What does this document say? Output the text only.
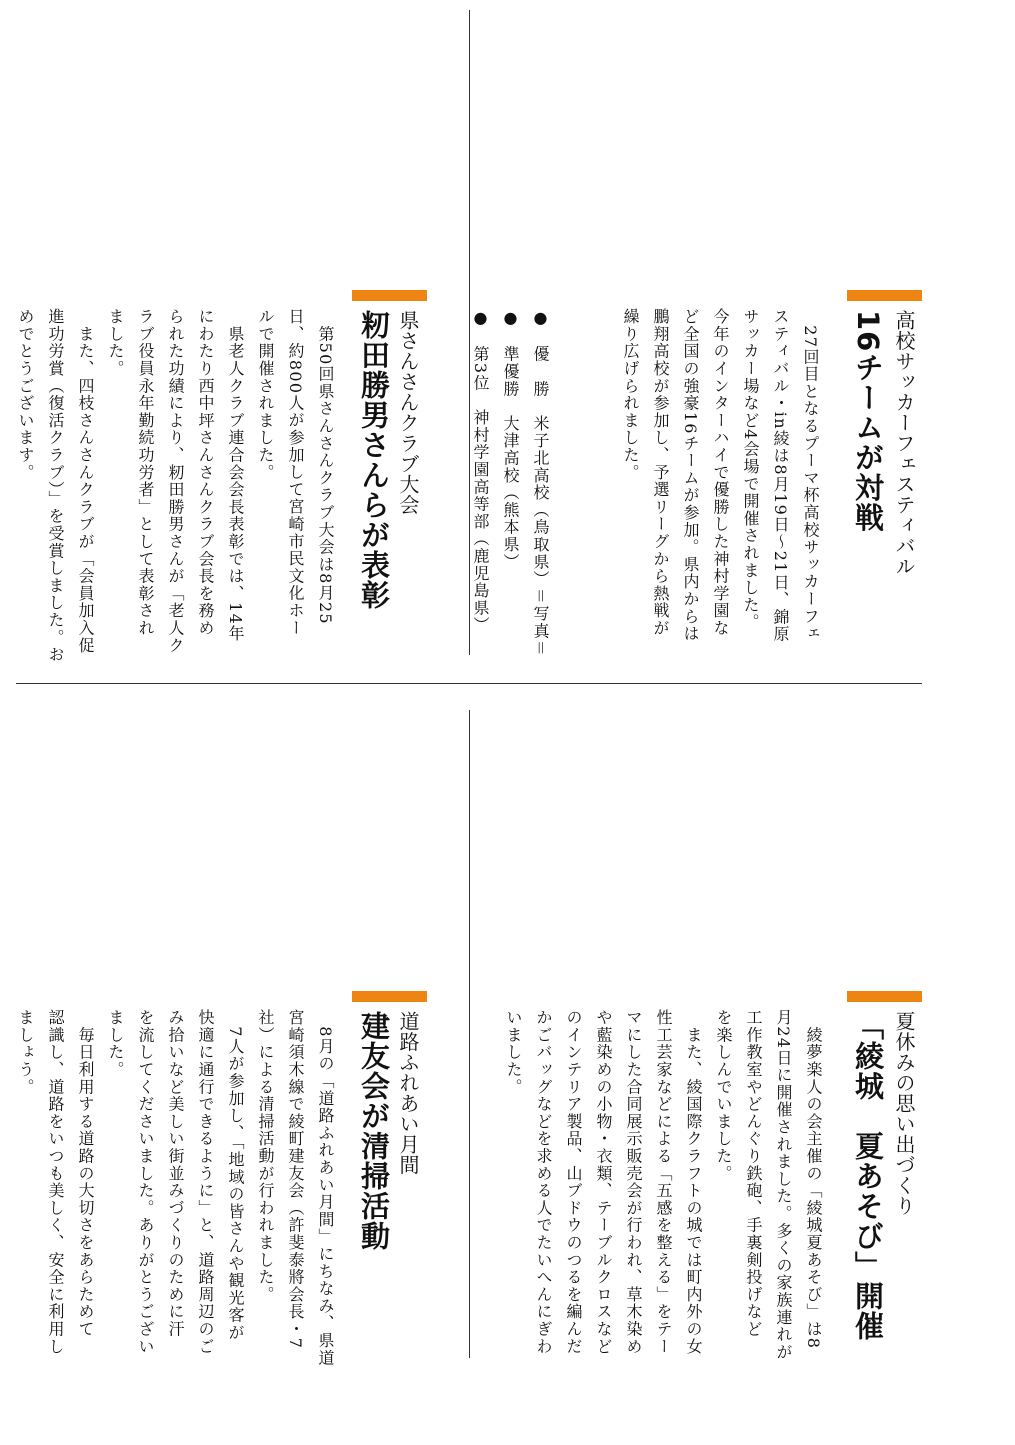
高校サッカーフェスティバル
16チームが対戦
　27回目となるプーマ杯高校サッカーフェ
スティバル・in綾は8月19日〜21日、錦原
サッカー場など4会場で開催されました。
今年のインターハイで優勝した神村学園な
ど全国の強豪16チームが参加。県内からは
鵬翔高校が参加し、予選リーグから熱戦が
繰り広げられました。

●　優　勝　米子北高校（鳥取県）＝写真＝
●　準優勝　大津高校（熊本県）
●　第3位　神村学園高等部（鹿児島県）
県さんさんクラブ大会
籾田勝男さんらが表彰
　第50回県さんさんクラブ大会は8月25
日、約800人が参加して宮崎市民文化ホー
ルで開催されました。
　県老人クラブ連合会会長表彰では、14年
にわたり西中坪さんさんクラブ会長を務め
られた功績により、籾田勝男さんが「老人ク
ラブ役員永年勤続功労者」として表彰され
ました。
　また、四枝さんさんクラブが「会員加入促
進功労賞（復活クラブ）」を受賞しました。お
めでとうございます。
夏休みの思い出づくり
「綾城　夏あそび」開催
　綾夢楽人の会主催の「綾城夏あそび」は8
月24日に開催されました。多くの家族連れが
工作教室やどんぐり鉄砲、手裏剣投げなど
を楽しんでいました。
　また、綾国際クラフトの城では町内外の女
性工芸家などによる「五感を整える」をテー
マにした合同展示販売会が行われ、草木染め
や藍染めの小物・衣類、テーブルクロスなど
のインテリア製品、山ブドウのつるを編んだ
かごバッグなどを求める人でたいへんにぎわ
いました。
道路ふれあい月間
建友会が清掃活動
　8月の「道路ふれあい月間」にちなみ、県道
宮崎須木線で綾町建友会（許斐泰將会長・7
社）による清掃活動が行われました。
　7人が参加し、「地域の皆さんや観光客が
快適に通行できるように」と、道路周辺のご
み拾いなど美しい街並みづくりのために汗
を流してくださいました。ありがとうござい
ました。
　毎日利用する道路の大切さをあらためて
認識し、道路をいつも美しく、安全に利用し
ましょう。
